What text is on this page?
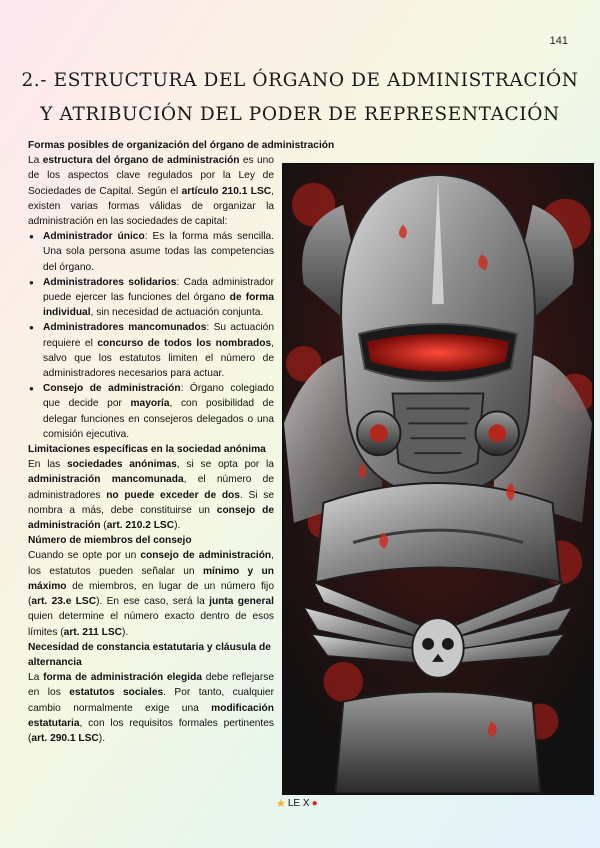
141
2.- ESTRUCTURA DEL ÓRGANO DE ADMINISTRACIÓN
Y ATRIBUCIÓN DEL PODER DE REPRESENTACIÓN
Formas posibles de organización del órgano de administración

La estructura del órgano de administración es uno de los aspectos clave regulados por la Ley de Sociedades de Capital. Según el artículo 210.1 LSC, existen varias formas válidas de organizar la administración en las sociedades de capital:

● Administrador único: Es la forma más sencilla. Una sola persona asume todas las competencias del órgano.
● Administradores solidarios: Cada administrador puede ejercer las funciones del órgano de forma individual, sin necesidad de actuación conjunta.
● Administradores mancomunados: Su actuación requiere el concurso de todos los nombrados, salvo que los estatutos limiten el número de administradores necesarios para actuar.
● Consejo de administración: Órgano colegiado que decide por mayoría, con posibilidad de delegar funciones en consejeros delegados o una comisión ejecutiva.
Limitaciones específicas en la sociedad anónima

En las sociedades anónimas, si se opta por la administración mancomunada, el número de administradores no puede exceder de dos. Si se nombra a más, debe constituirse un consejo de administración (art. 210.2 LSC).

Número de miembros del consejo

Cuando se opte por un consejo de administración, los estatutos pueden señalar un mínimo y un máximo de miembros, en lugar de un número fijo (art. 23.e LSC). En ese caso, será la junta general quien determine el número exacto dentro de esos límites (art. 211 LSC).

Necesidad de constancia estatutaria y cláusula de alternancia

La forma de administración elegida debe reflejarse en los estatutos sociales. Por tanto, cualquier cambio normalmente exige una modificación estatutaria, con los requisitos formales pertinentes (art. 290.1 LSC).

★ LE X ●
